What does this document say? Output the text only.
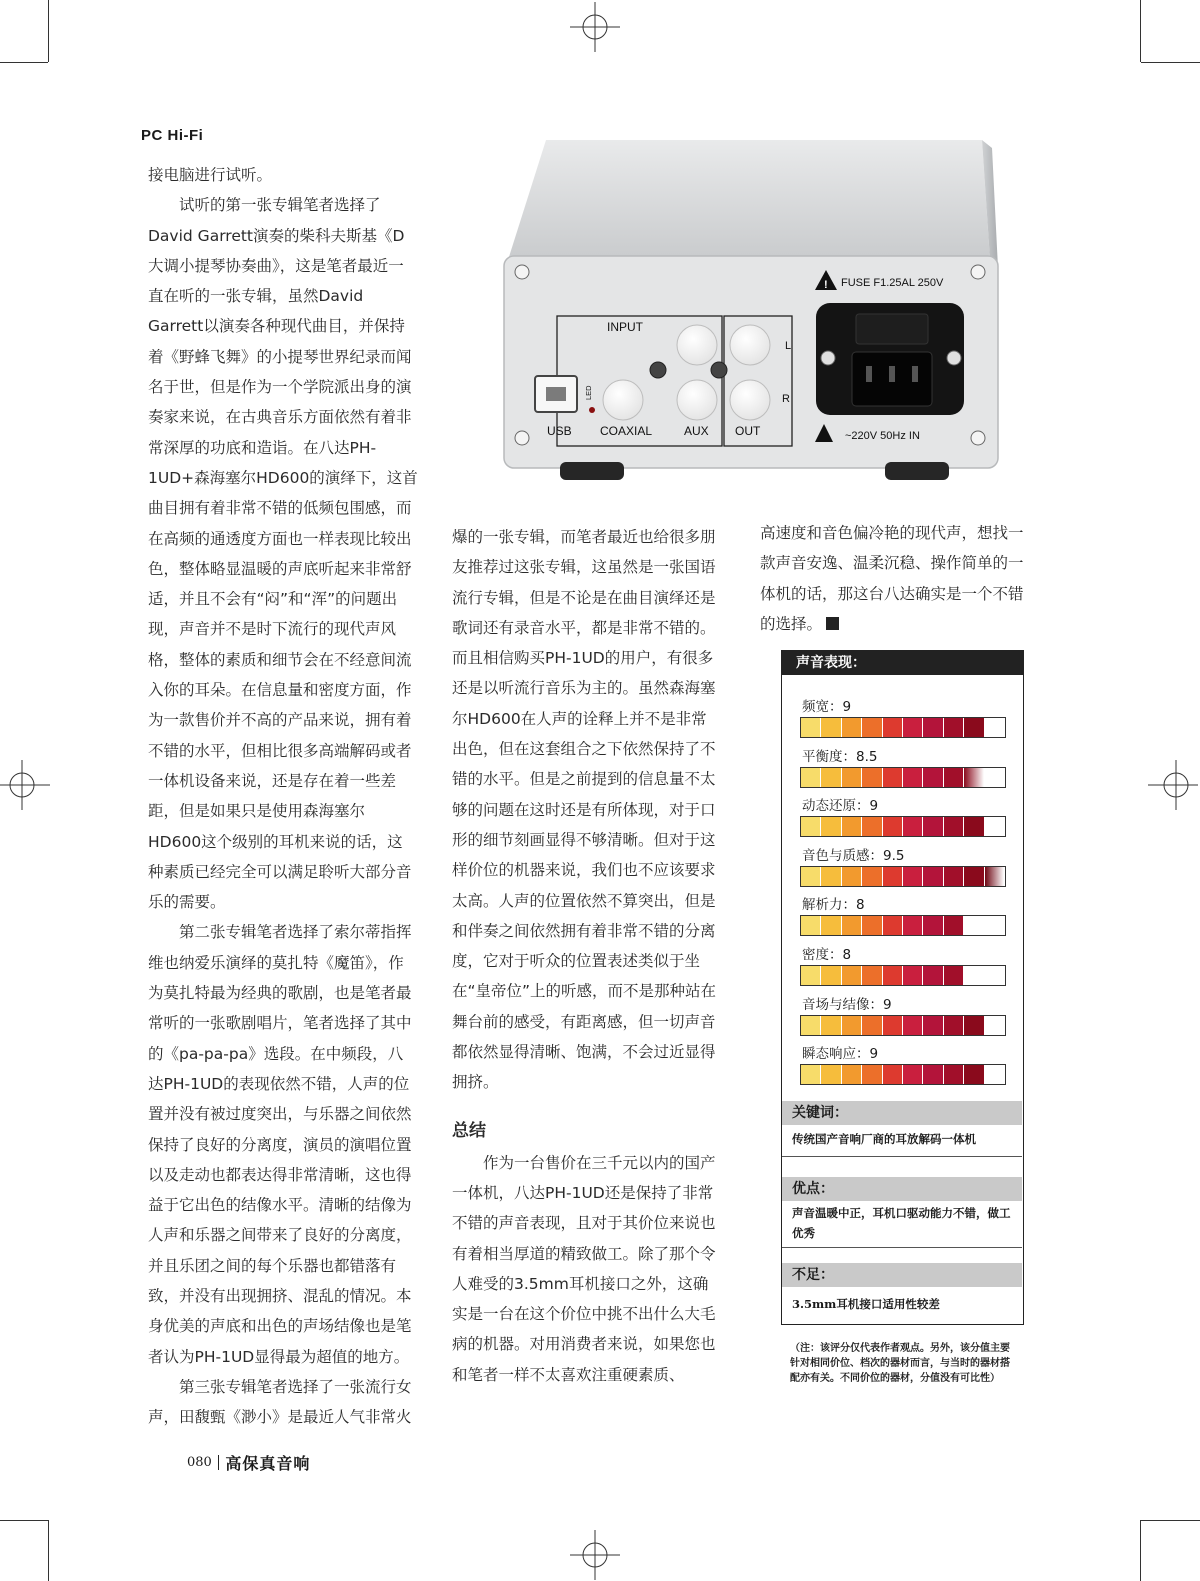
PC Hi-Fi

接电脑进行试听。

试听的第一张专辑笔者选择了David Garrett演奏的柴科夫斯基《D大调小提琴协奏曲》，这是笔者最近一直在听的一张专辑，虽然David Garrett以演奏各种现代曲目，并保持着《野蜂飞舞》的小提琴世界纪录而闻名于世，但是作为一个学院派出身的演奏家来说，在古典音乐方面依然有着非常深厚的功底和造诣。在八达PH-1UD+森海塞尔HD600的演绎下，这首曲目拥有着非常不错的低频包围感，而在高频的通透度方面也一样表现比较出色，整体略显温暖的声底听起来非常舒适，并且不会有“闷”和“浑”的问题出现，声音并不是时下流行的现代声风格，整体的素质和细节会在不经意间流入你的耳朵。在信息量和密度方面，作为一款售价并不高的产品来说，拥有着不错的水平，但相比很多高端解码或者一体机设备来说，还是存在着一些差距，但是如果只是使用森海塞尔HD600这个级别的耳机来说的话，这种素质已经完全可以满足聆听大部分音乐的需要。

第二张专辑笔者选择了索尔蒂指挥维也纳爱乐演绎的莫扎特《魔笛》，作为莫扎特最为经典的歌剧，也是笔者最常听的一张歌剧唱片，笔者选择了其中的《pa-pa-pa》选段。在中频段，八达PH-1UD的表现依然不错，人声的位置并没有被过度突出，与乐器之间依然保持了良好的分离度，演员的演唱位置以及走动也都表达得非常清晰，这也得益于它出色的结像水平。清晰的结像为人声和乐器之间带来了良好的分离度，并且乐团之间的每个乐器也都错落有致，并没有出现拥挤、混乱的情况。本身优美的声底和出色的声场结像也是笔者认为PH-1UD显得最为超值的地方。

第三张专辑笔者选择了一张流行女声，田馥甄《渺小》是最近人气非常火

爆的一张专辑，而笔者最近也给很多朋友推荐过这张专辑，这虽然是一张国语流行专辑，但是不论是在曲目演绎还是歌词还有录音水平，都是非常不错的。而且相信购买PH-1UD的用户，有很多还是以听流行音乐为主的。虽然森海塞尔HD600在人声的诠释上并不是非常出色，但在这套组合之下依然保持了不错的水平。但是之前提到的信息量不太够的问题在这时还是有所体现，对于口形的细节刻画显得不够清晰。但对于这样价位的机器来说，我们也不应该要求太高。人声的位置依然不算突出，但是和伴奏之间依然拥有着非常不错的分离度，它对于听众的位置表述类似于坐在“皇帝位”上的听感，而不是那种站在舞台前的感受，有距离感，但一切声音都依然显得清晰、饱满，不会过近显得拥挤。

总结

作为一台售价在三千元以内的国产一体机，八达PH-1UD还是保持了非常不错的声音表现，且对于其价位来说也有着相当厚道的精致做工。除了那个令人难受的3.5mm耳机接口之外，这确实是一台在这个价位中挑不出什么大毛病的机器。对用消费者来说，如果您也和笔者一样不太喜欢注重硬素质、

高速度和音色偏冷艳的现代声，想找一款声音安逸、温柔沉稳、操作简单的一体机的话，那这台八达确实是一个不错的选择。

INPUT
L
R
LED
USB COAXIAL	AUX OUT
! FUSE F1.25AL 250V
~220V 50Hz IN
声音表现：
频宽：9
平衡度：8.5
动态还原：9
音色与质感：9.5
解析力：8
密度：8
音场与结像：9
瞬态响应：9
关键词：
传统国产音响厂商的耳放解码一体机
优点：
声音温暖中正，耳机口驱动能力不错，做工优秀
不足：
3.5mm耳机接口适用性较差
（注：该评分仅代表作者观点。另外，该分值主要针对相同价位、档次的器材而言，与当时的器材搭配亦有关。不同价位的器材，分值没有可比性）
080 高保真音响
